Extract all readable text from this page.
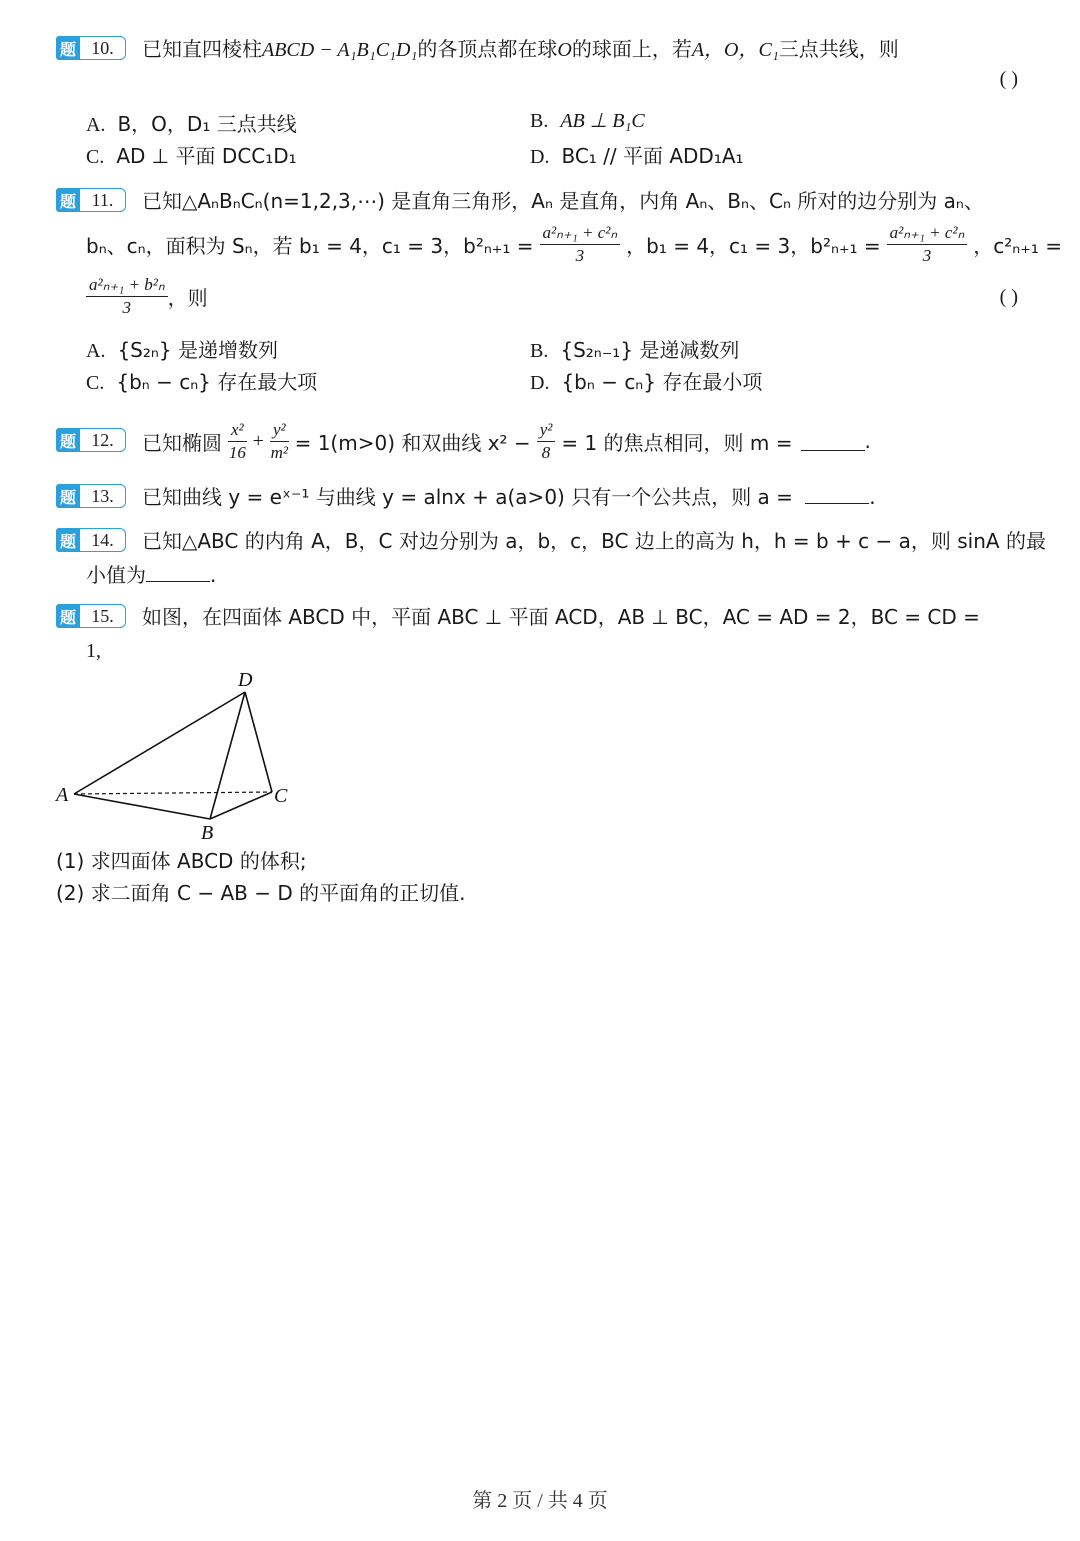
题 10.	已知直四棱柱ABCD − A₁B₁C₁D₁的各顶点都在球O的球面上，若A，O，C₁三点共线，则
( )
A. B，O，D₁ 三点共线	B. AB ⊥ B₁C
C. AD ⊥ 平面 DCC₁D₁	D. BC₁ // 平面 ADD₁A₁
题 11.	已知△AₙBₙCₙ(n=1,2,3,⋯) 是直角三角形，Aₙ 是直角，内角 Aₙ、Bₙ、Cₙ 所对的边分别为 aₙ、
bₙ、cₙ，面积为 Sₙ，若 b₁ = 4，c₁ = 3，$b^2_{n+1} = \frac{\text{a²ₙ₊₁ + c²ₙ}}{3}$ ，b₁ = 4，c₁ = 3，$b^2_{n+1} = \frac{\text{a²ₙ₊₁ + c²ₙ}}{3}$ ，c²ₙ₊₁ =
$\frac{\text{a²ₙ₊₁ + b²ₙ}}{3}$ ，则	( )
A. {S₂ₙ} 是递增数列	B. {S₂ₙ₋₁} 是递减数列
C. {bₙ − cₙ} 存在最大项	D. {bₙ − cₙ} 存在最小项
题 12.	已知椭圆 $\frac{\text{x²}}{16} + \frac{\text{y²}}{\text{m²}} = 1(m>0)$ 和双曲线 $x^2 - \frac{\text{y²}}{8} = 1$ 的焦点相同，则 m =	.
题 13.	已知曲线 y = eˣ⁻¹ 与曲线 y = alnx + a(a>0) 只有一个公共点，则 a =	.
题 14.	已知△ABC 的内角 A，B，C 对边分别为 a，b，c，BC 边上的高为 h，h = b + c − a，则 sinA 的最
小值为	.
题 15.	如图，在四面体 ABCD 中，平面 ABC ⊥ 平面 ACD，AB ⊥ BC，AC = AD = 2，BC = CD =
1,
D
A	C
B
(1) 求四面体 ABCD 的体积;
(2) 求二面角 C − AB − D 的平面角的正切值.
第 2 页 / 共 4 页
